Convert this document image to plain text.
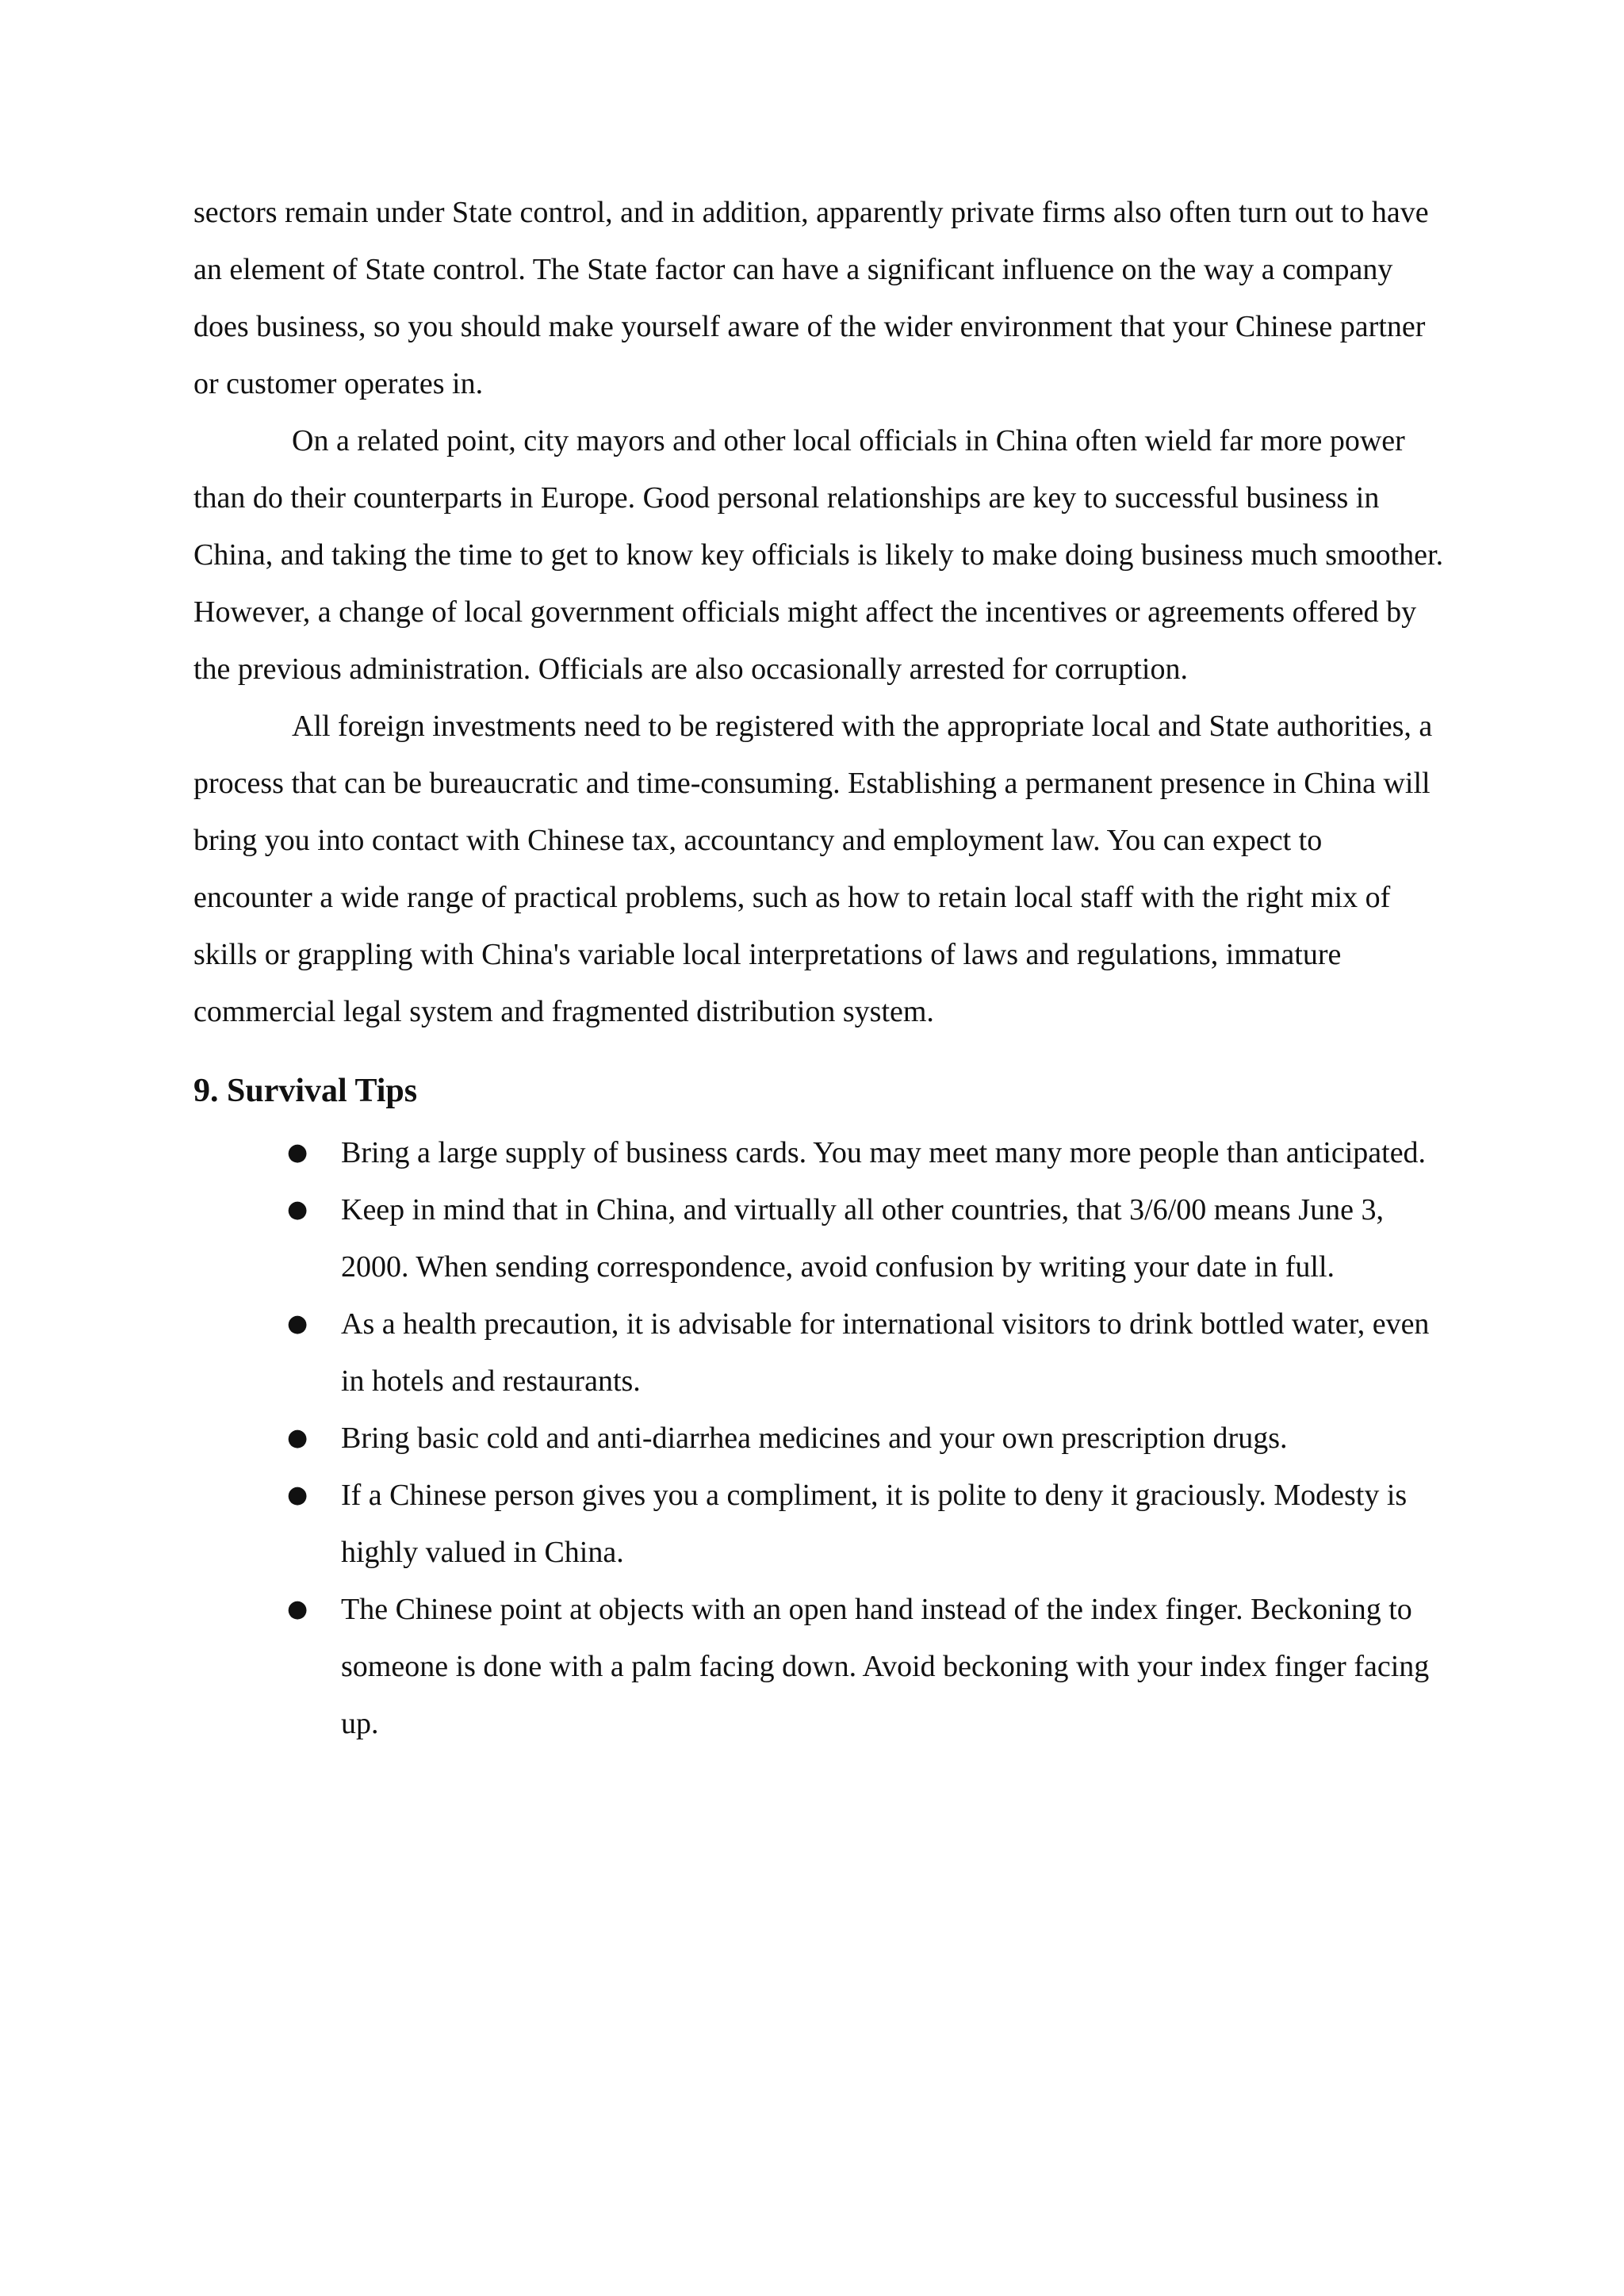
sectors remain under State control, and in addition, apparently private firms also often turn out to have an element of State control. The State factor can have a significant influence on the way a company does business, so you should make yourself aware of the wider environment that your Chinese partner or customer operates in.

On a related point, city mayors and other local officials in China often wield far more power than do their counterparts in Europe. Good personal relationships are key to successful business in China, and taking the time to get to know key officials is likely to make doing business much smoother. However, a change of local government officials might affect the incentives or agreements offered by the previous administration. Officials are also occasionally arrested for corruption.

All foreign investments need to be registered with the appropriate local and State authorities, a process that can be bureaucratic and time-consuming. Establishing a permanent presence in China will bring you into contact with Chinese tax, accountancy and employment law. You can expect to encounter a wide range of practical problems, such as how to retain local staff with the right mix of skills or grappling with China's variable local interpretations of laws and regulations, immature commercial legal system and fragmented distribution system.

9. Survival Tips
● Bring a large supply of business cards. You may meet many more people than anticipated.
● Keep in mind that in China, and virtually all other countries, that 3/6/00 means June 3, 2000. When sending correspondence, avoid confusion by writing your date in full.
● As a health precaution, it is advisable for international visitors to drink bottled water, even in hotels and restaurants.
● Bring basic cold and anti-diarrhea medicines and your own prescription drugs.
● If a Chinese person gives you a compliment, it is polite to deny it graciously. Modesty is highly valued in China.
● The Chinese point at objects with an open hand instead of the index finger. Beckoning to someone is done with a palm facing down. Avoid beckoning with your index finger facing up.
